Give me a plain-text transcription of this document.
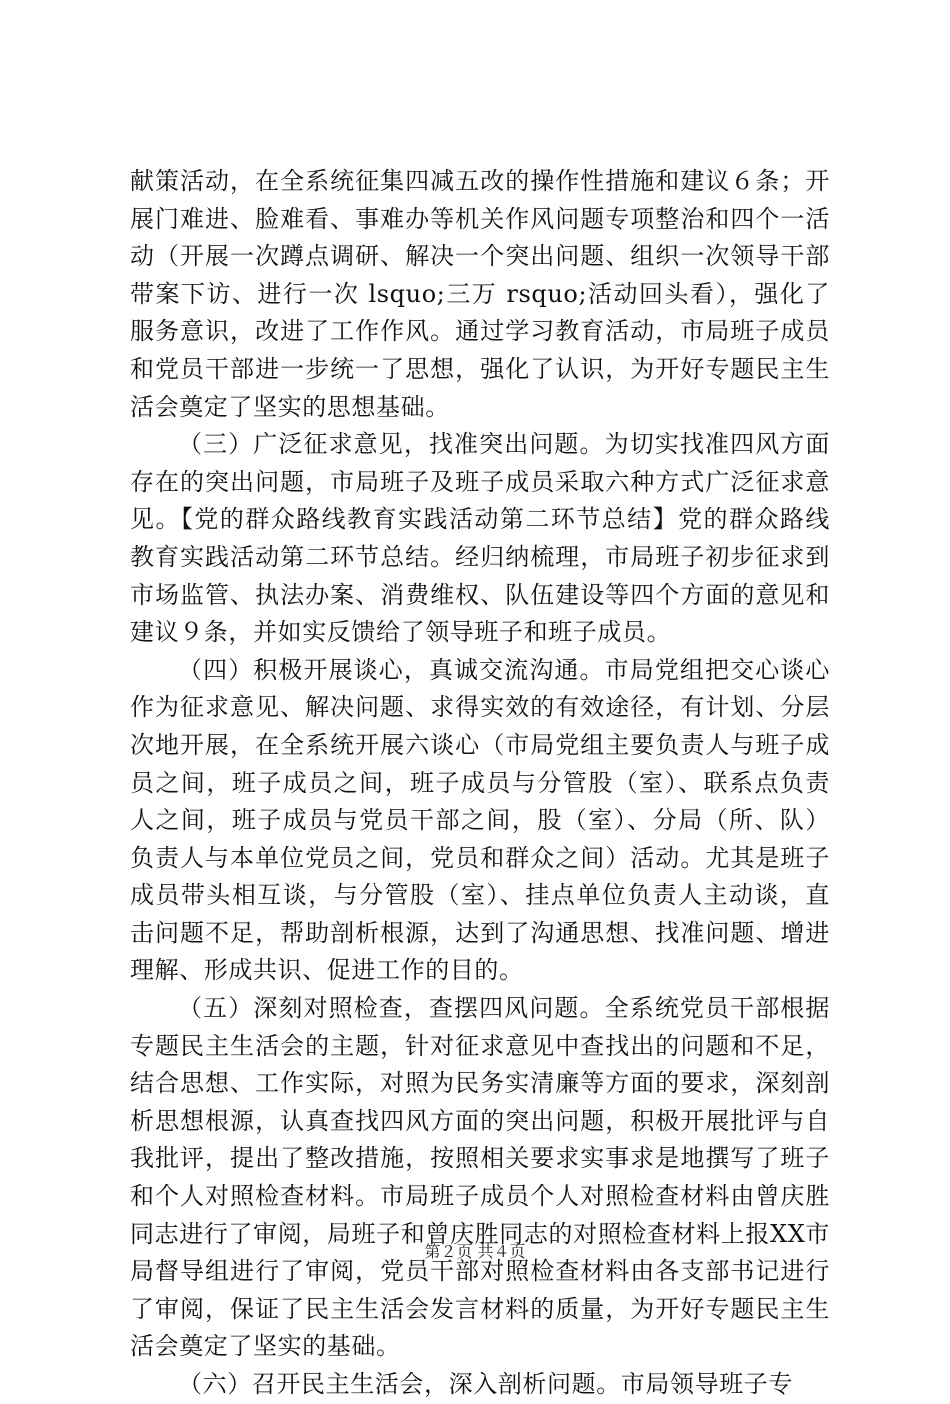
献策活动，在全系统征集四减五改的操作性措施和建议６条；开展门难进、脸难看、事难办等机关作风问题专项整治和四个一活动（开展一次蹲点调研、解决一个突出问题、组织一次领导干部带案下访、进行一次 lsquo;三万 rsquo;活动回头看），强化了服务意识，改进了工作作风。通过学习教育活动，市局班子成员和党员干部进一步统一了思想，强化了认识，为开好专题民主生活会奠定了坚实的思想基础。

（三）广泛征求意见，找准突出问题。为切实找准四风方面存在的突出问题，市局班子及班子成员采取六种方式广泛征求意见。【党的群众路线教育实践活动第二环节总结】党的群众路线教育实践活动第二环节总结。经归纳梳理，市局班子初步征求到市场监管、执法办案、消费维权、队伍建设等四个方面的意见和建议９条，并如实反馈给了领导班子和班子成员。

（四）积极开展谈心，真诚交流沟通。市局党组把交心谈心作为征求意见、解决问题、求得实效的有效途径，有计划、分层次地开展，在全系统开展六谈心（市局党组主要负责人与班子成员之间，班子成员之间，班子成员与分管股（室）、联系点负责人之间，班子成员与党员干部之间，股（室）、分局（所、队）负责人与本单位党员之间，党员和群众之间）活动。尤其是班子成员带头相互谈，与分管股（室）、挂点单位负责人主动谈，直击问题不足，帮助剖析根源，达到了沟通思想、找准问题、增进理解、形成共识、促进工作的目的。

（五）深刻对照检查，查摆四风问题。全系统党员干部根据专题民主生活会的主题，针对征求意见中查找出的问题和不足，结合思想、工作实际，对照为民务实清廉等方面的要求，深刻剖析思想根源，认真查找四风方面的突出问题，积极开展批评与自我批评，提出了整改措施，按照相关要求实事求是地撰写了班子和个人对照检查材料。市局班子成员个人对照检查材料由曾庆胜同志进行了审阅，局班子和曾庆胜同志的对照检查材料上报XX市局督导组进行了审阅，党员干部对照检查材料由各支部书记进行了审阅，保证了民主生活会发言材料的质量，为开好专题民主生活会奠定了坚实的基础。

（六）召开民主生活会，深入剖析问题。市局领导班子专

第２页 共４页
